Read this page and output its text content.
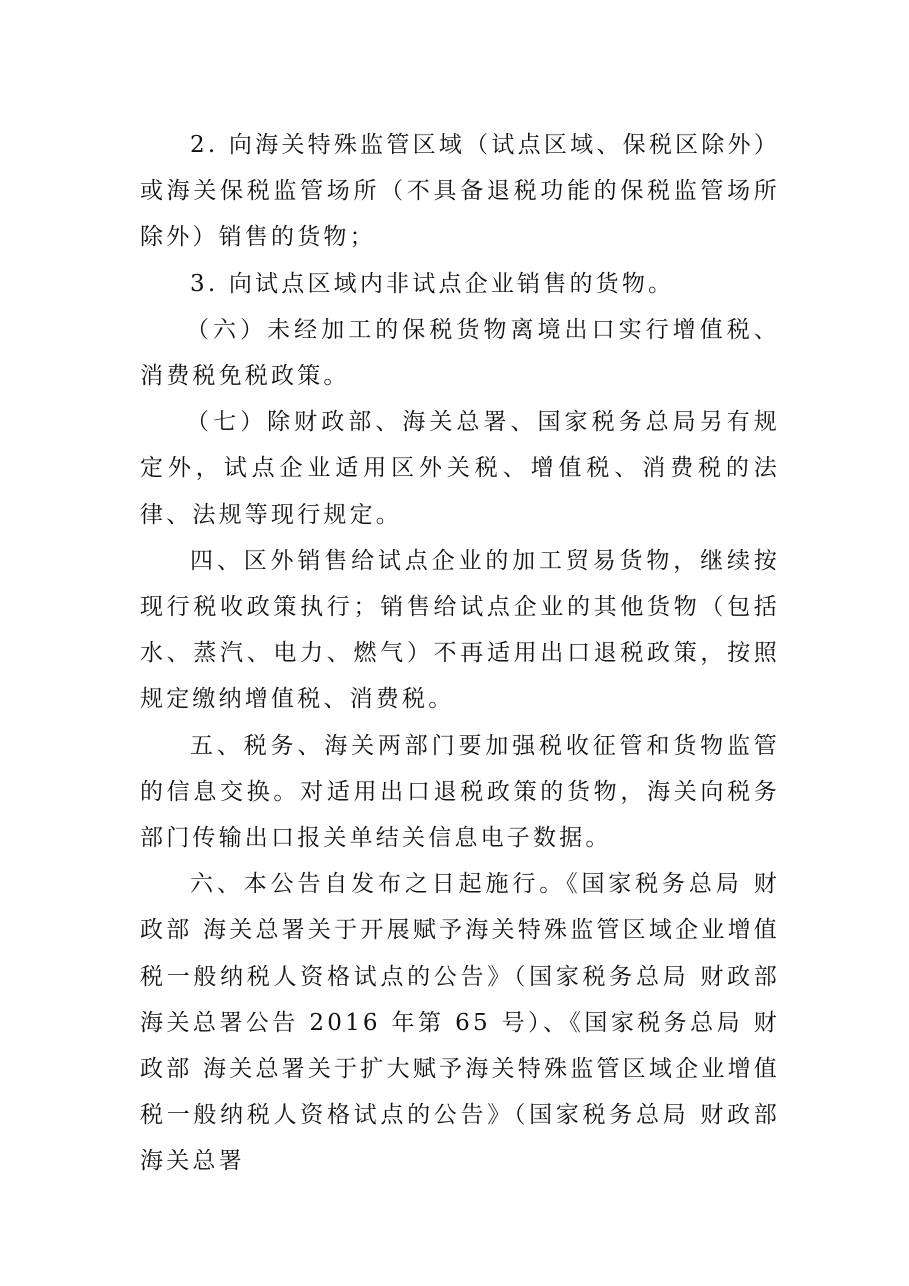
2. 向海关特殊监管区域（试点区域、保税区除外）或海关保税监管场所（不具备退税功能的保税监管场所除外）销售的货物；

3. 向试点区域内非试点企业销售的货物。

（六）未经加工的保税货物离境出口实行增值税、消费税免税政策。

（七）除财政部、海关总署、国家税务总局另有规定外，试点企业适用区外关税、增值税、消费税的法律、法规等现行规定。

四、区外销售给试点企业的加工贸易货物，继续按现行税收政策执行；销售给试点企业的其他货物（包括水、蒸汽、电力、燃气）不再适用出口退税政策，按照规定缴纳增值税、消费税。

五、税务、海关两部门要加强税收征管和货物监管的信息交换。对适用出口退税政策的货物，海关向税务部门传输出口报关单结关信息电子数据。

六、本公告自发布之日起施行。《国家税务总局 财政部 海关总署关于开展赋予海关特殊监管区域企业增值税一般纳税人资格试点的公告》（国家税务总局 财政部 海关总署公告 2016 年第 65 号）、《国家税务总局 财政部 海关总署关于扩大赋予海关特殊监管区域企业增值税一般纳税人资格试点的公告》（国家税务总局 财政部 海关总署
